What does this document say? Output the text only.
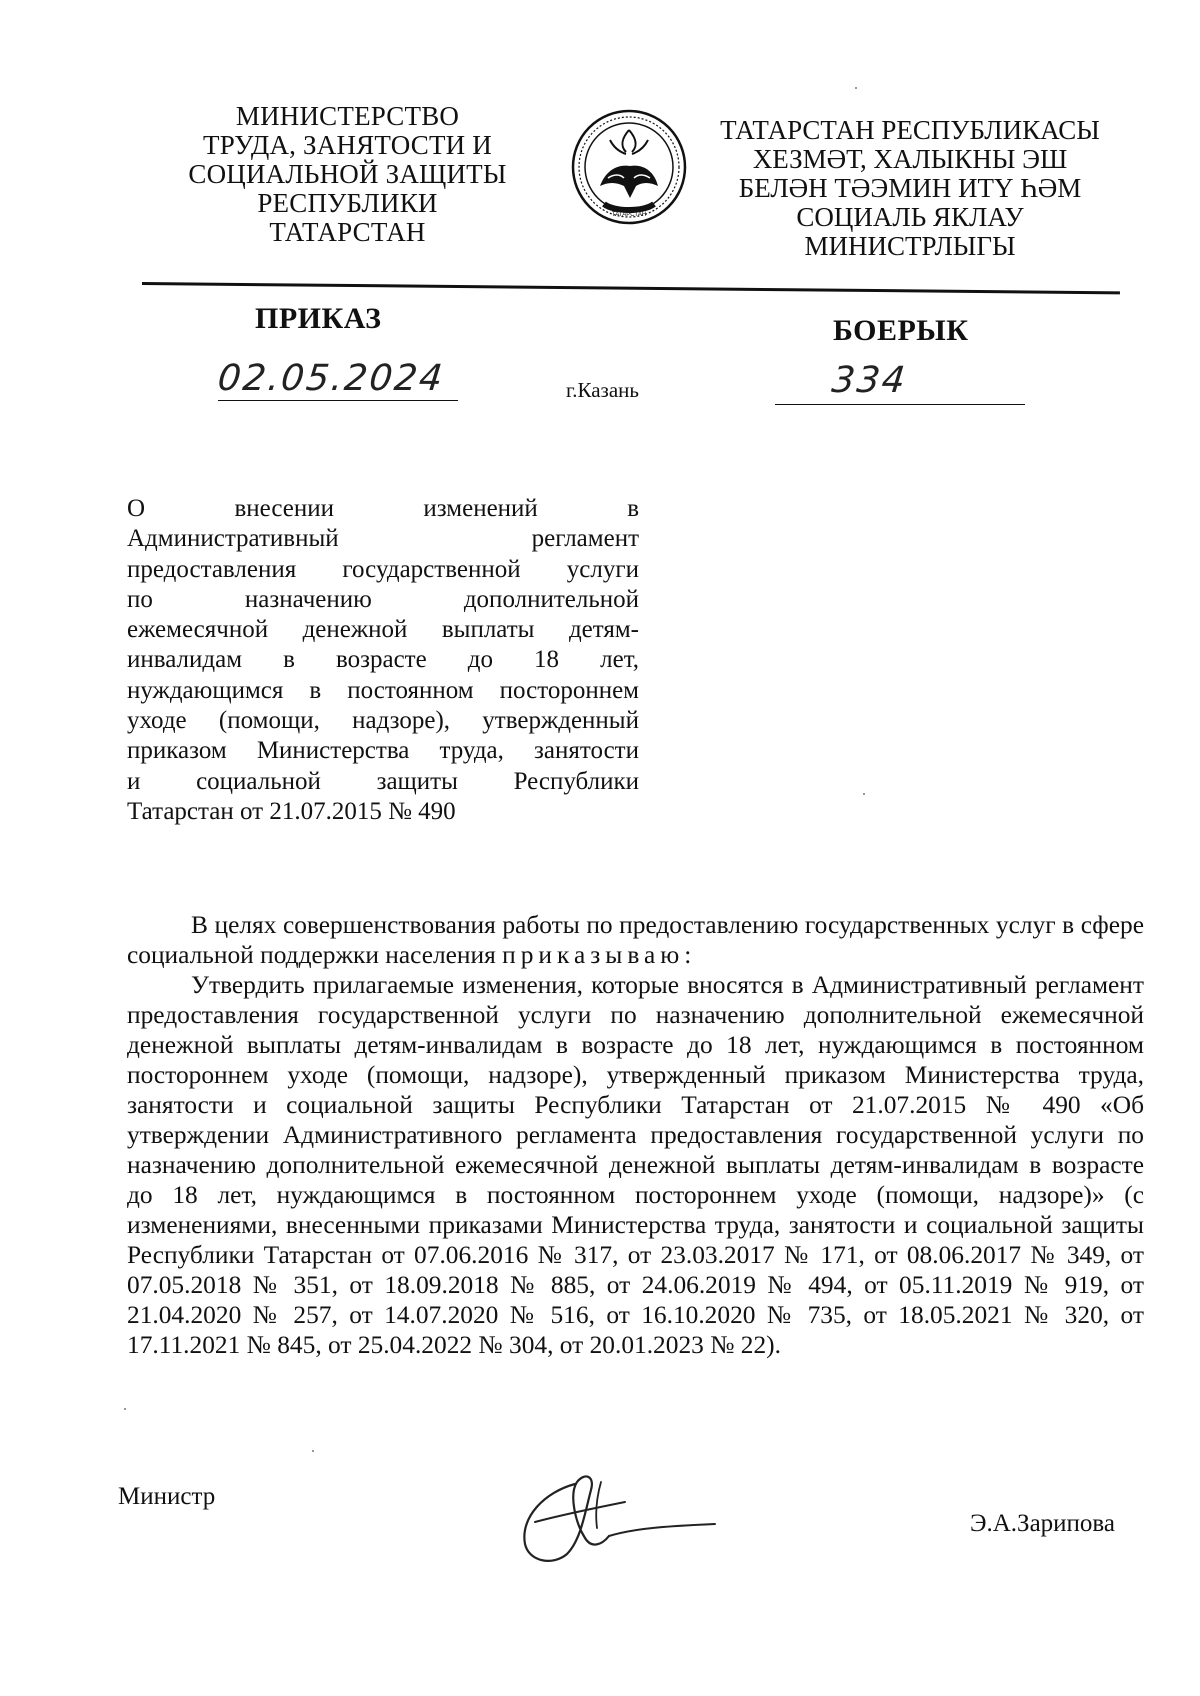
МИНИСТЕРСТВО
ТРУДА, ЗАНЯТОСТИ И
СОЦИАЛЬНОЙ ЗАЩИТЫ
РЕСПУБЛИКИ
ТАТАРСТАН
ТАТАРСТАН
ТАТАРСТАН РЕСПУБЛИКАСЫ
ХЕЗМӘТ, ХАЛЫКНЫ ЭШ
БЕЛӘН ТӘЭМИН ИТҮ ҺӘМ
СОЦИАЛЬ ЯКЛАУ
МИНИСТРЛЫГЫ
ПРИКАЗ	БОЕРЫК
02.05.2024	г.Казань	334
О внесении изменений в
Административный регламент
предоставления государственной услуги
по назначению дополнительной
ежемесячной денежной выплаты детям-
инвалидам в возрасте до 18 лет,
нуждающимся в постоянном постороннем
уходе (помощи, надзоре), утвержденный
приказом Министерства труда, занятости
и социальной защиты Республики
Татарстан от 21.07.2015 № 490

В целях совершенствования работы по предоставлению государственных услуг в сфере социальной поддержки населения приказываю:

Утвердить прилагаемые изменения, которые вносятся в Административный регламент предоставления государственной услуги по назначению дополнительной ежемесячной денежной выплаты детям-инвалидам в возрасте до 18 лет, нуждающимся в постоянном постороннем уходе (помощи, надзоре), утвержденный приказом Министерства труда, занятости и социальной защиты Республики Татарстан от 21.07.2015 № 490 «Об утверждении Административного регламента предоставления государственной услуги по назначению дополнительной ежемесячной денежной выплаты детям-инвалидам в возрасте до 18 лет, нуждающимся в постоянном постороннем уходе (помощи, надзоре)» (с изменениями, внесенными приказами Министерства труда, занятости и социальной защиты Республики Татарстан от 07.06.2016 № 317, от 23.03.2017 № 171, от 08.06.2017 № 349, от 07.05.2018 № 351, от 18.09.2018 № 885, от 24.06.2019 № 494, от 05.11.2019 № 919, от 21.04.2020 № 257, от 14.07.2020 № 516, от 16.10.2020 № 735, от 18.05.2021 № 320, от 17.11.2021 № 845, от 25.04.2022 № 304, от 20.01.2023 № 22).

Министр
Э.А.Зарипова
